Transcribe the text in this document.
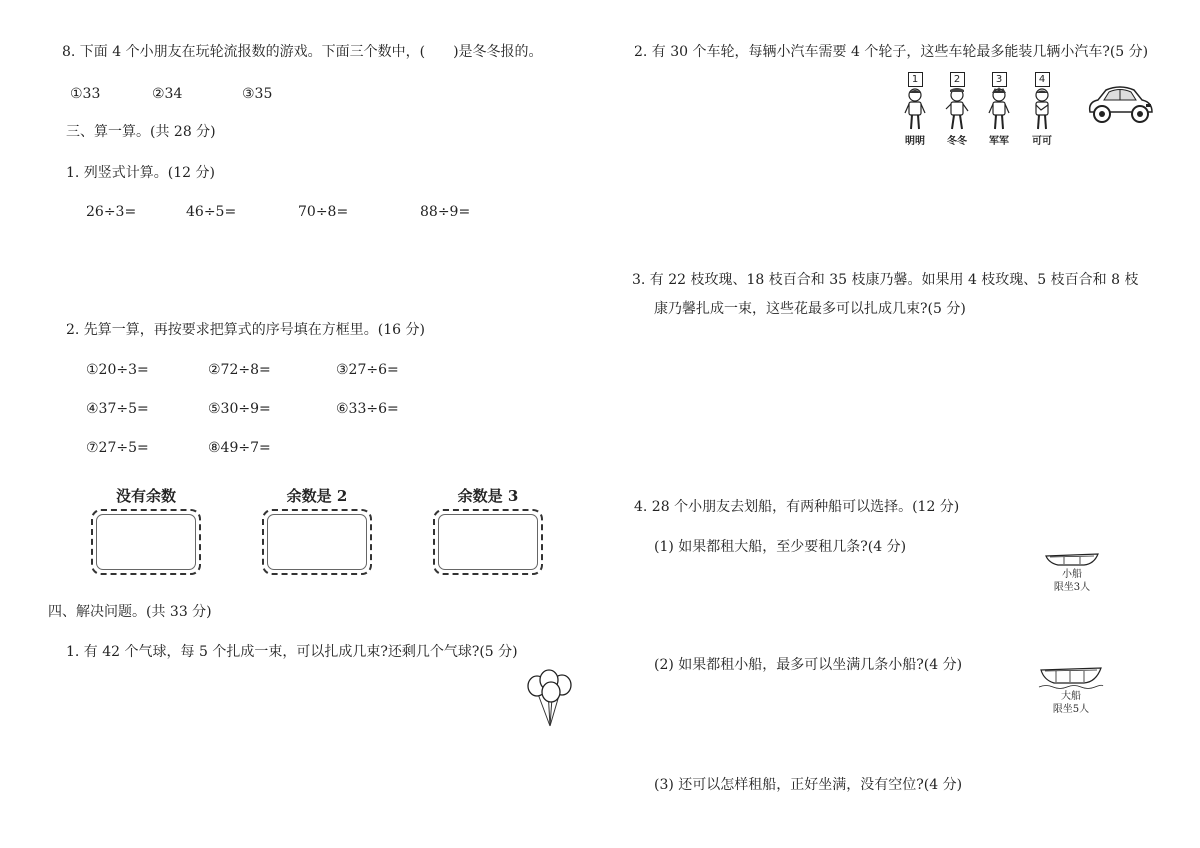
8. 下面 4 个小朋友在玩轮流报数的游戏。下面三个数中，(　　)是冬冬报的。
①33	②34	③35
三、算一算。(共 28 分)
1. 列竖式计算。(12 分)
26÷3=	46÷5=	70÷8=	88÷9=
2. 先算一算，再按要求把算式的序号填在方框里。(16 分)
①20÷3=	②72÷8=	③27÷6=
④37÷5=	⑤30÷9=	⑥33÷6=
⑦27÷5=	⑧49÷7=
没有余数	余数是 2	余数是 3
四、解决问题。(共 33 分)
1. 有 42 个气球，每 5 个扎成一束，可以扎成几束?还剩几个气球?(5 分)
2. 有 30 个车轮，每辆小汽车需要 4 个轮子，这些车轮最多能装几辆小汽车?(5 分)
1
明明
2
冬冬
3
军军
4
可可
3. 有 22 枝玫瑰、18 枝百合和 35 枝康乃馨。如果用 4 枝玫瑰、5 枝百合和 8 枝
康乃馨扎成一束，这些花最多可以扎成几束?(5 分)
4. 28 个小朋友去划船，有两种船可以选择。(12 分)
(1) 如果都租大船，至少要租几条?(4 分)
(2) 如果都租小船，最多可以坐满几条小船?(4 分)
(3) 还可以怎样租船，正好坐满，没有空位?(4 分)
小船
限坐3人
大船
限坐5人
